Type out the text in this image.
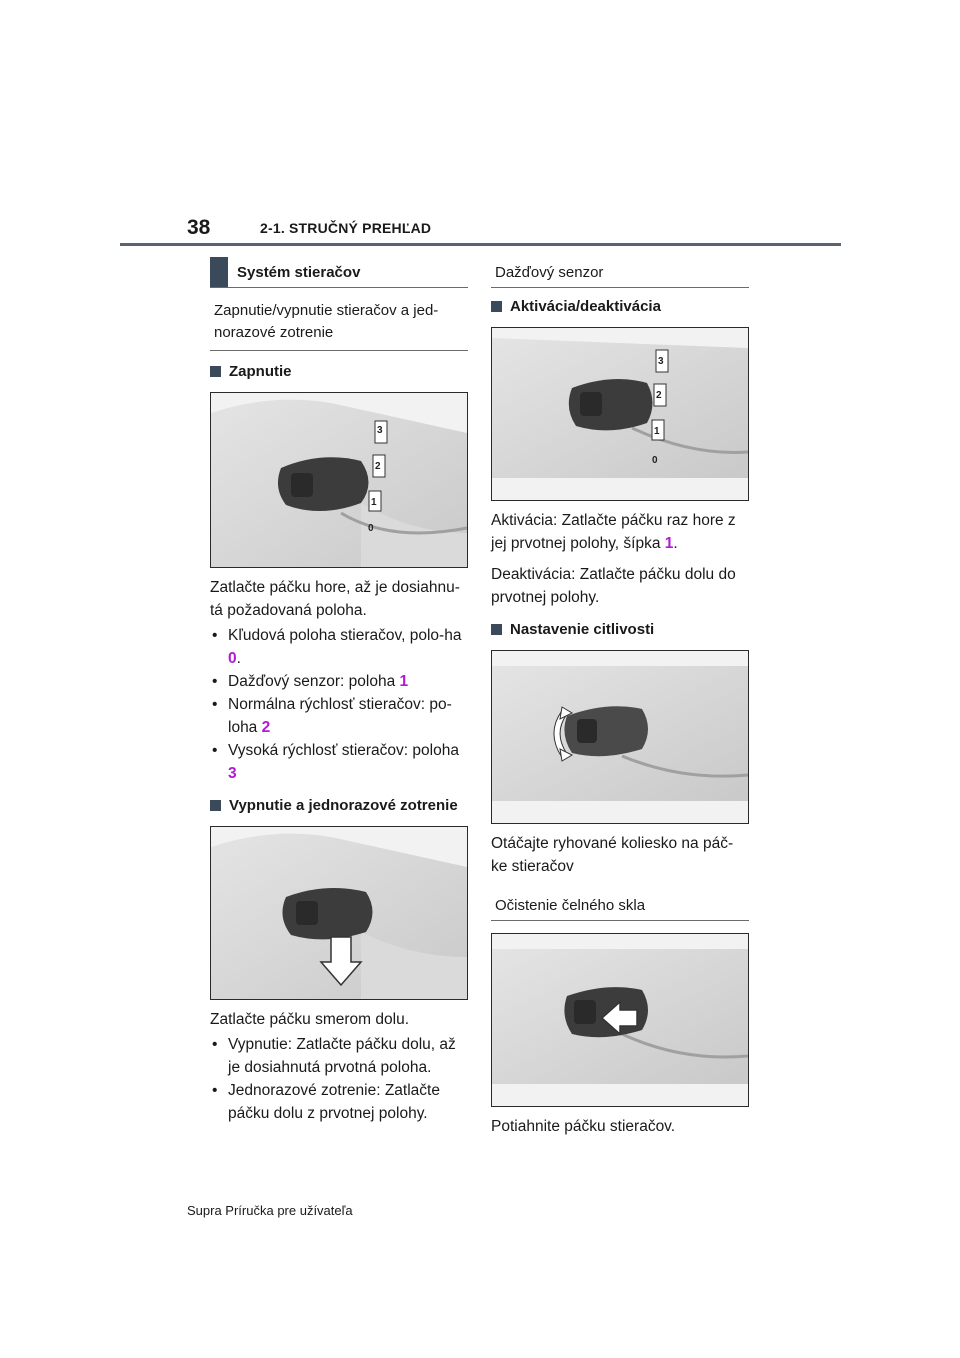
38	2-1. STRUČNÝ PREHĽAD
Systém stieračov
Zapnutie/vypnutie stieračov a jed-norazové zotrenie
Zapnutie
1
2
3
0

Zatlačte páčku hore, až je dosiahnu-tá požadovaná poloha.

• Kľudová poloha stieračov, polo-ha 0.
• Dažďový senzor: poloha 1
• Normálna rýchlosť stieračov: po-loha 2
• Vysoká rýchlosť stieračov: poloha 3
Vypnutie a jednorazové zotrenie

Zatlačte páčku smerom dolu.

• Vypnutie: Zatlačte páčku dolu, až je dosiahnutá prvotná poloha.
• Jednorazové zotrenie: Zatlačte páčku dolu z prvotnej polohy.
Dažďový senzor
Aktivácia/deaktivácia
1
2
3
0

Aktivácia: Zatlačte páčku raz hore z jej prvotnej polohy, šípka 1.

Deaktivácia: Zatlačte páčku dolu do prvotnej polohy.

Nastavenie citlivosti

Otáčajte ryhované koliesko na páč-ke stieračov

Očistenie čelného skla

Potiahnite páčku stieračov.

Supra Príručka pre užívateľa
